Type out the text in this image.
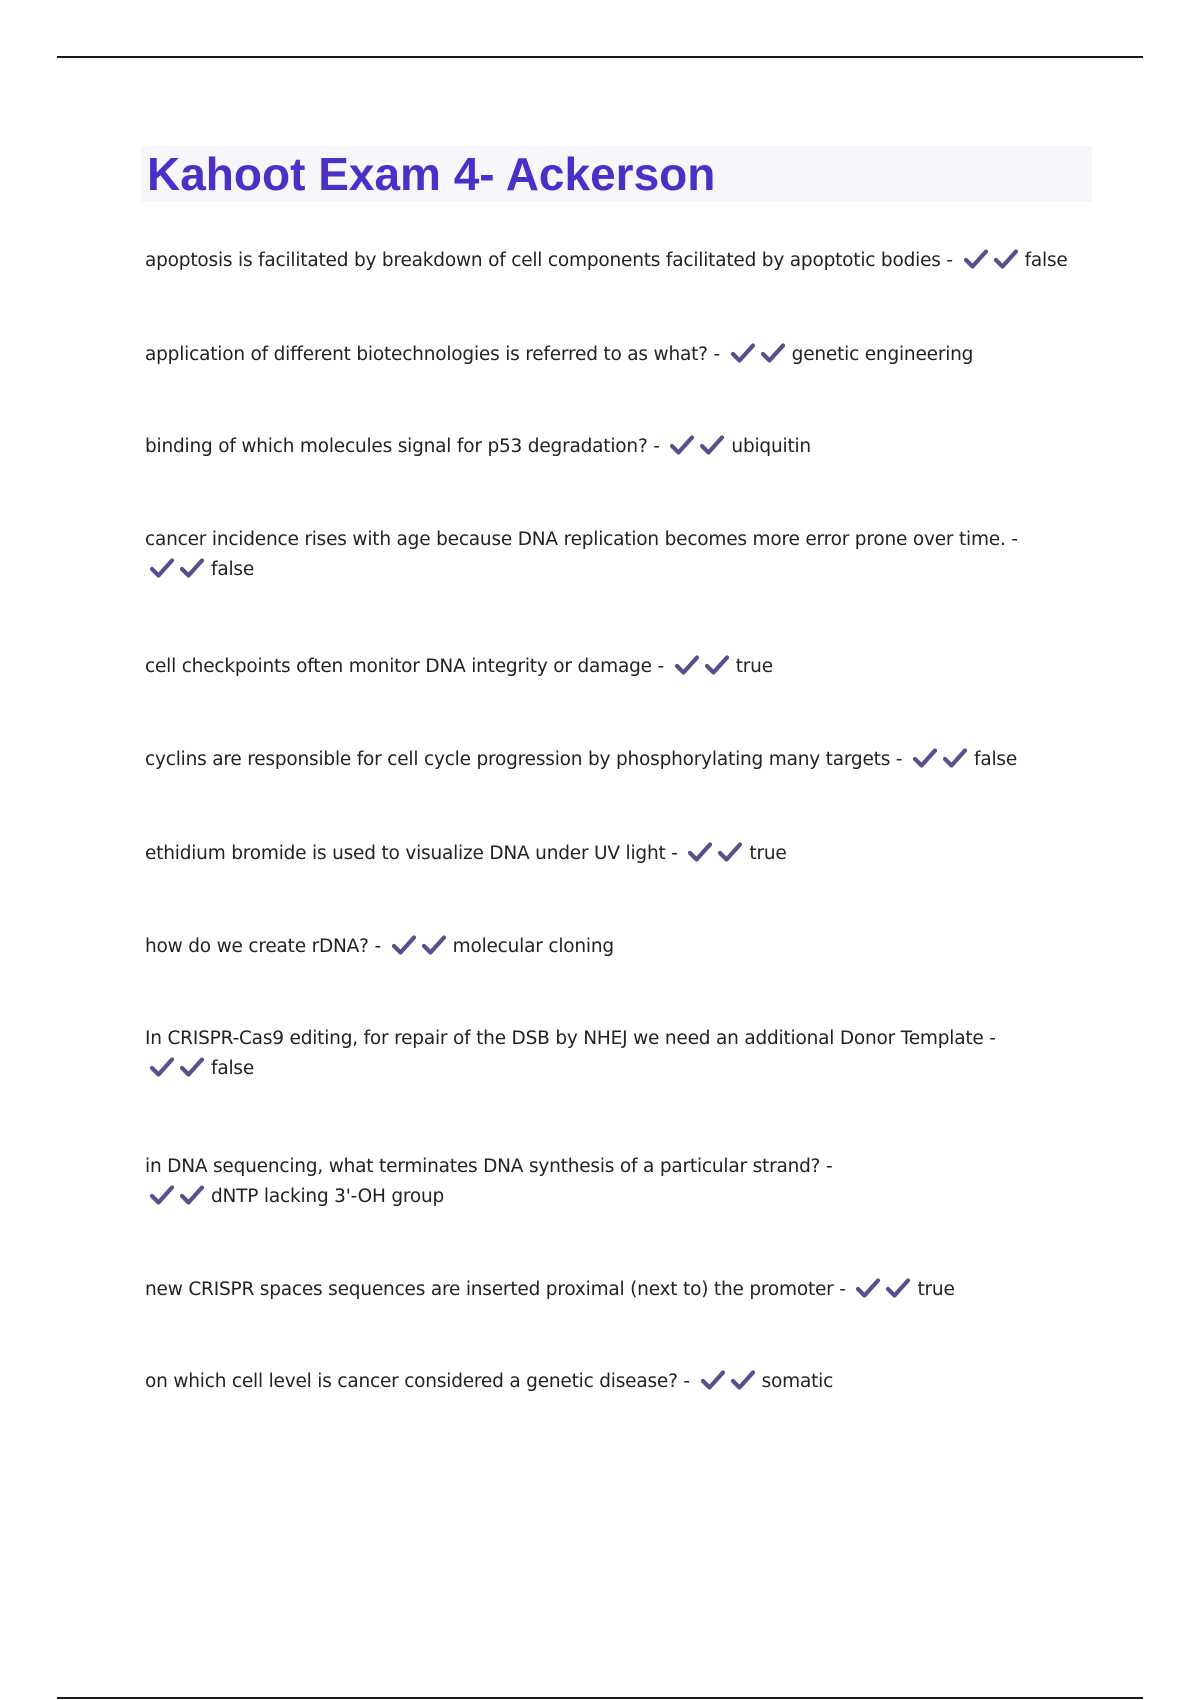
Kahoot Exam 4- Ackerson
apoptosis is facilitated by breakdown of cell components facilitated by apoptotic bodies -	false
application of different biotechnologies is referred to as what? -	genetic engineering
binding of which molecules signal for p53 degradation? -	ubiquitin
cancer incidence rises with age because DNA replication becomes more error prone over time. -
false
cell checkpoints often monitor DNA integrity or damage -	true
cyclins are responsible for cell cycle progression by phosphorylating many targets -	false
ethidium bromide is used to visualize DNA under UV light -	true
how do we create rDNA? -	molecular cloning
In CRISPR-Cas9 editing, for repair of the DSB by NHEJ we need an additional Donor Template -
false
in DNA sequencing, what terminates DNA synthesis of a particular strand? -
dNTP lacking 3'-OH group
new CRISPR spaces sequences are inserted proximal (next to) the promoter -	true
on which cell level is cancer considered a genetic disease? -	somatic
